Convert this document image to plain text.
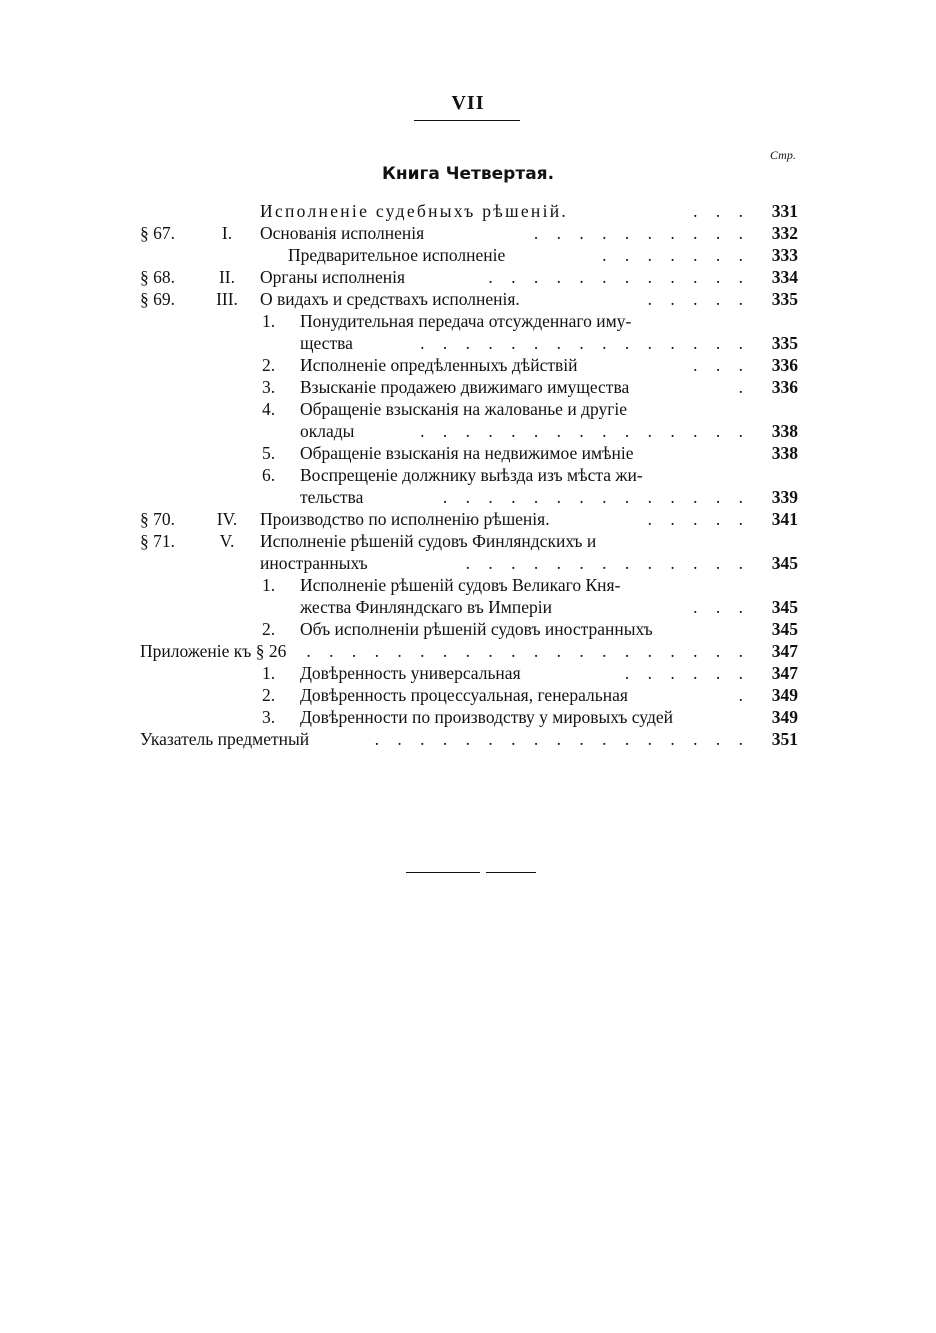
VII
Стр.
Книга Четвертая.
Исполненіе судебныхъ рѣшеній.	. . .	331
§ 67.	I.	Основанія исполненія	. . . . . . . . . .	332
Предварительное исполненіе	. . . . . . .	333
§ 68.	II.	Органы исполненія	. . . . . . . . . . . .	334
§ 69. III. О видахъ и средствахъ исполненія.	. . . . .	335
1. Понудительная передача отсужденнаго иму-
щества	. . . . . . . . . . . . . . .	335
2. Исполненіе опредѣленныхъ дѣйствій	. . .	336
3. Взысканіе продажею движимаго имущества	.	336
4. Обращеніе взысканія на жалованье и другіе
оклады	. . . . . . . . . . . . . . .	338
5. Обращеніе взысканія на недвижимое имѣніе	338
6. Воспрещеніе должнику выѣзда изъ мѣста жи-
тельства	. . . . . . . . . . . . . .	339
§ 70. IV. Производство по исполненію рѣшенія.	. . . . .	341
§ 71.	V.	Исполненіе рѣшеній судовъ Финляндскихъ и
иностранныхъ	. . . . . . . . . . . . .	345
1. Исполненіе рѣшеній судовъ Великаго Кня-
жества Финляндскаго въ Имперіи	. . .	345
2. Объ исполненіи рѣшеній судовъ иностранныхъ	345
Приложеніе къ § 26 . . . . . . . . . . . . . . . . . . . .	347
1. Довѣренность универсальная	. . . . . .	347
2. Довѣренность процессуальная, генеральная	.	349
3. Довѣренности по производству у мировыхъ судей	349
Указатель предметный	. . . . . . . . . . . . . . . . .	351
